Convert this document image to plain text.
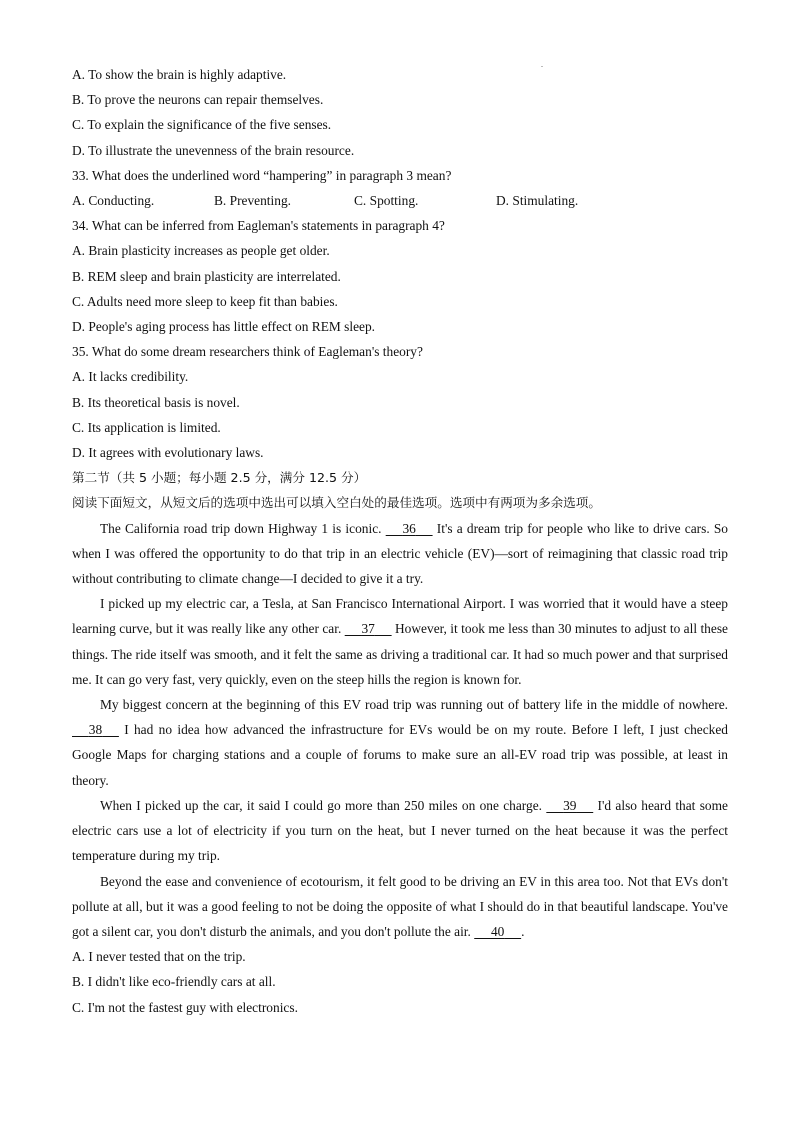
A. To show the brain is highly adaptive.

B. To prove the neurons can repair themselves.

C. To explain the significance of the five senses.

D. To illustrate the unevenness of the brain resource.

33. What does the underlined word “hampering” in paragraph 3 mean?

A. Conducting.	B. Preventing.	C. Spotting.	D. Stimulating.

34. What can be inferred from Eagleman's statements in paragraph 4?

A. Brain plasticity increases as people get older.

B. REM sleep and brain plasticity are interrelated.

C. Adults need more sleep to keep fit than babies.

D. People's aging process has little effect on REM sleep.

35. What do some dream researchers think of Eagleman's theory?

A. It lacks credibility.

B. Its theoretical basis is novel.

C. Its application is limited.

D. It agrees with evolutionary laws.

第二节（共 5 小题；每小题 2.5 分，满分 12.5 分）

阅读下面短文，从短文后的选项中选出可以填入空白处的最佳选项。选项中有两项为多余选项。

The California road trip down Highway 1 is iconic. 36 It's a dream trip for people who like to drive cars. So when I was offered the opportunity to do that trip in an electric vehicle (EV)—sort of reimagining that classic road trip without contributing to climate change—I decided to give it a try.

I picked up my electric car, a Tesla, at San Francisco International Airport. I was worried that it would have a steep learning curve, but it was really like any other car. 37 However, it took me less than 30 minutes to adjust to all these things. The ride itself was smooth, and it felt the same as driving a traditional car. It had so much power and that surprised me. It can go very fast, very quickly, even on the steep hills the region is known for.

My biggest concern at the beginning of this EV road trip was running out of battery life in the middle of nowhere.      38 I had no idea how advanced the infrastructure for EVs would be on my route. Before I left, I just checked Google Maps for charging stations and a couple of forums to make sure an all-EV road trip was possible, at least in theory.

When I picked up the car, it said I could go more than 250 miles on one charge. 39 I'd also heard that some electric cars use a lot of electricity if you turn on the heat, but I never turned on the heat because it was the perfect temperature during my trip.

Beyond the ease and convenience of ecotourism, it felt good to be driving an EV in this area too. Not that EVs don't pollute at all, but it was a good feeling to not be doing the opposite of what I should do in that beautiful landscape. You've got a silent car, you don't disturb the animals, and you don't pollute the air. 40 .

A. I never tested that on the trip.

B. I didn't like eco-friendly cars at all.

C. I'm not the fastest guy with electronics.
